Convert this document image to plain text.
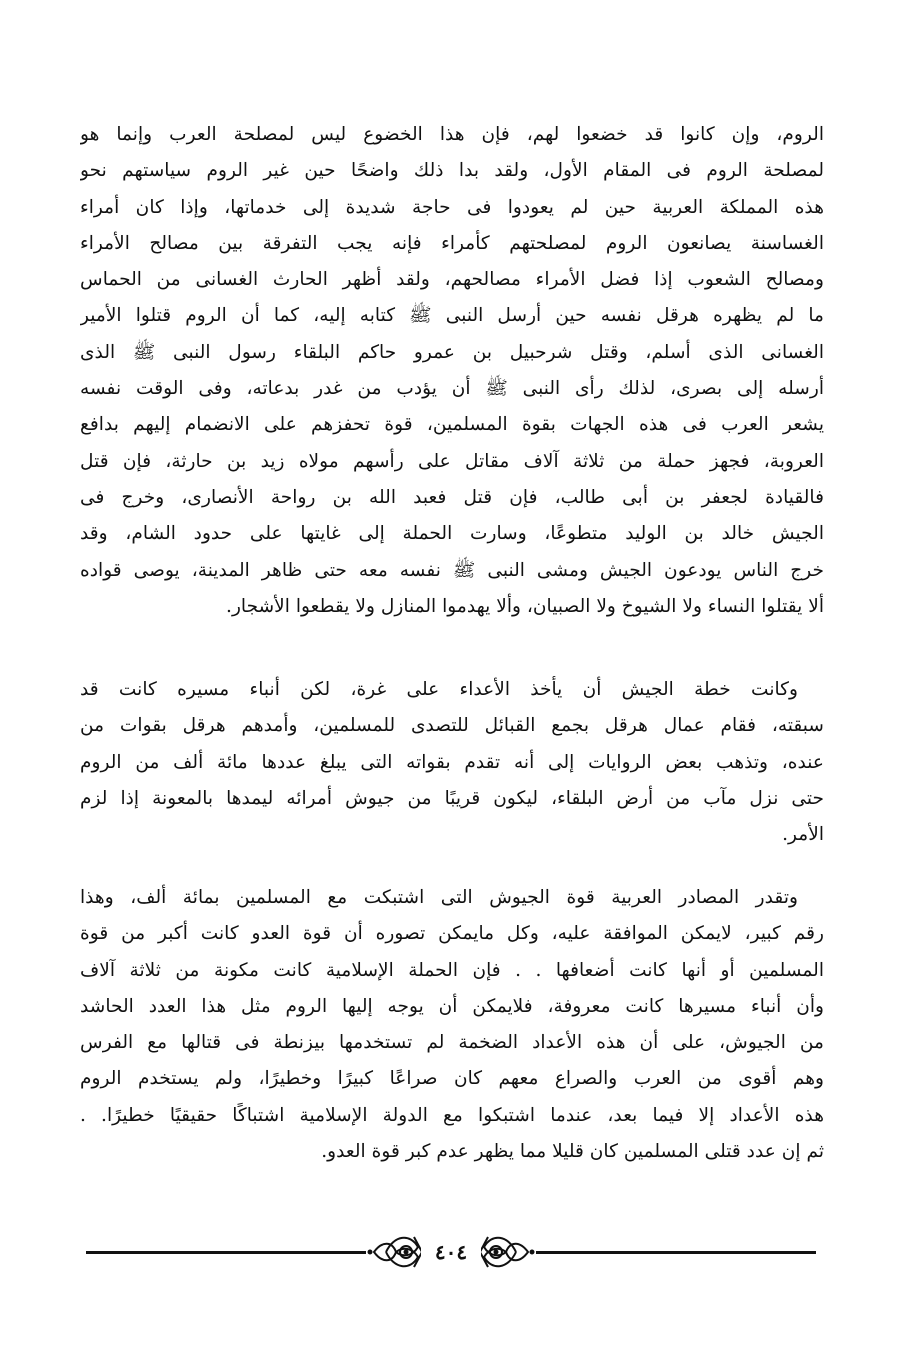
الروم، وإن كانوا قد خضعوا لهم، فإن هذا الخضوع ليس لمصلحة العرب وإنما هو
لمصلحة الروم فى المقام الأول، ولقد بدا ذلك واضحًا حين غير الروم سياستهم نحو
هذه المملكة العربية حين لم يعودوا فى حاجة شديدة إلى خدماتها، وإذا كان أمراء
الغساسنة يصانعون الروم لمصلحتهم كأمراء فإنه يجب التفرقة بين مصالح الأمراء
ومصالح الشعوب إذا فضل الأمراء مصالحهم، ولقد أظهر الحارث الغسانى من الحماس
ما لم يظهره هرقل نفسه حين أرسل النبى ﷺ كتابه إليه، كما أن الروم قتلوا الأمير
الغسانى الذى أسلم، وقتل شرحبيل بن عمرو حاكم البلقاء رسول النبى ﷺ الذى
أرسله إلى بصرى، لذلك رأى النبى ﷺ أن يؤدب من غدر بدعاته، وفى الوقت نفسه
يشعر العرب فى هذه الجهات بقوة المسلمين، قوة تحفزهم على الانضمام إليهم بدافع
العروبة، فجهز حملة من ثلاثة آلاف مقاتل على رأسهم مولاه زيد بن حارثة، فإن قتل
فالقيادة لجعفر بن أبى طالب، فإن قتل فعبد الله بن رواحة الأنصارى، وخرج فى
الجيش خالد بن الوليد متطوعًا، وسارت الحملة إلى غايتها على حدود الشام، وقد
خرج الناس يودعون الجيش ومشى النبى ﷺ نفسه معه حتى ظاهر المدينة، يوصى قواده
ألا يقتلوا النساء ولا الشيوخ ولا الصبيان، وألا يهدموا المنازل ولا يقطعوا الأشجار.

وكانت خطة الجيش أن يأخذ الأعداء على غرة، لكن أنباء مسيره كانت قد
سبقته، فقام عمال هرقل بجمع القبائل للتصدى للمسلمين، وأمدهم هرقل بقوات من
عنده، وتذهب بعض الروايات إلى أنه تقدم بقواته التى يبلغ عددها مائة ألف من الروم
حتى نزل مآب من أرض البلقاء، ليكون قريبًا من جيوش أمرائه ليمدها بالمعونة إذا لزم
الأمر.

وتقدر المصادر العربية قوة الجيوش التى اشتبكت مع المسلمين بمائة ألف، وهذا
رقم كبير، لايمكن الموافقة عليه، وكل مايمكن تصوره أن قوة العدو كانت أكبر من قوة
المسلمين أو أنها كانت أضعافها . . فإن الحملة الإسلامية كانت مكونة من ثلاثة آلاف
وأن أنباء مسيرها كانت معروفة، فلايمكن أن يوجه إليها الروم مثل هذا العدد الحاشد
من الجيوش، على أن هذه الأعداد الضخمة لم تستخدمها بيزنطة فى قتالها مع الفرس
وهم أقوى من العرب والصراع معهم كان صراعًا كبيرًا وخطيرًا، ولم يستخدم الروم
هذه الأعداد إلا فيما بعد، عندما اشتبكوا مع الدولة الإسلامية اشتباكًا حقيقيًا خطيرًا. .
ثم إن عدد قتلى المسلمين كان قليلا مما يظهر عدم كبر قوة العدو.

٤٠٤
